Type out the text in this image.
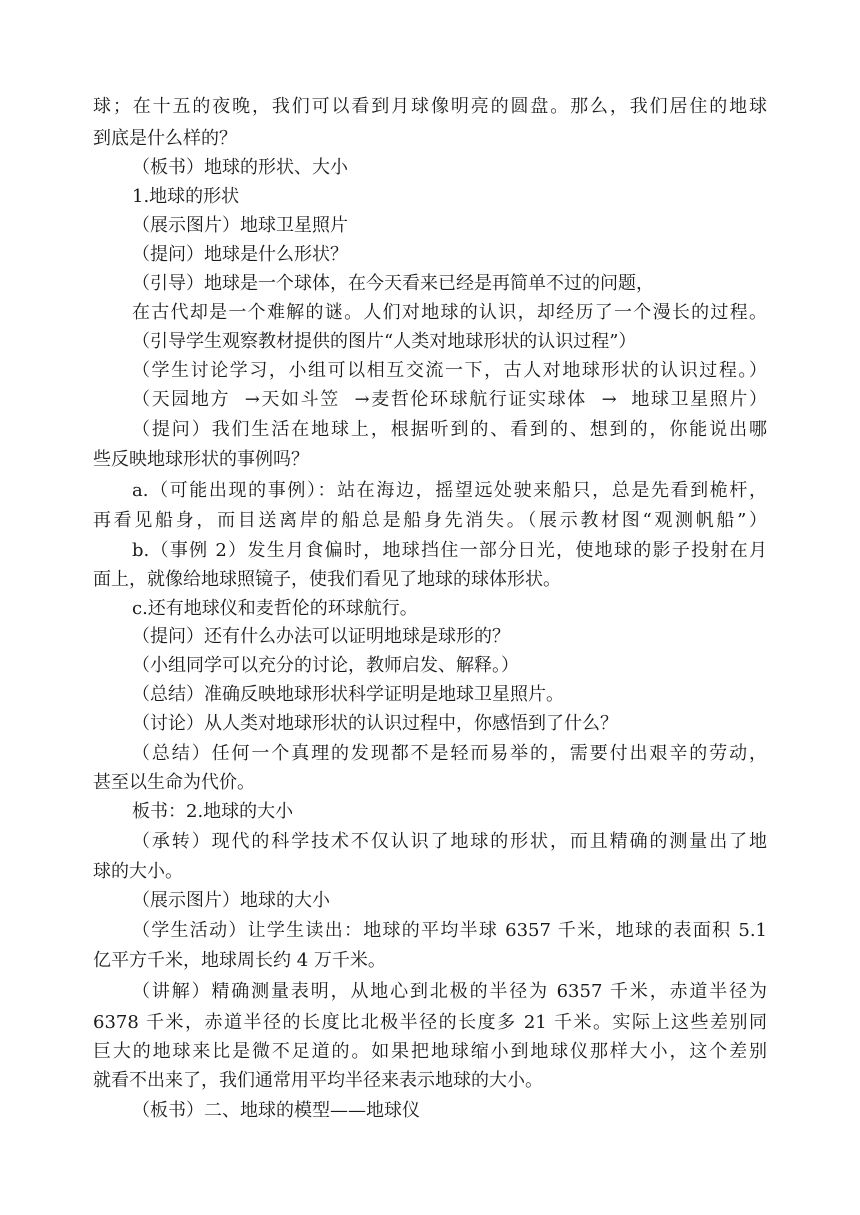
球；在十五的夜晚，我们可以看到月球像明亮的圆盘。那么，我们居住的地球
到底是什么样的？
（板书）地球的形状、大小
1.地球的形状
（展示图片）地球卫星照片
（提问）地球是什么形状？
（引导）地球是一个球体，在今天看来已经是再简单不过的问题，
在古代却是一个难解的谜。人们对地球的认识，却经历了一个漫长的过程。
（引导学生观察教材提供的图片“人类对地球形状的认识过程”）
（学生讨论学习，小组可以相互交流一下，古人对地球形状的认识过程。）
（天园地方  →天如斗笠  →麦哲伦环球航行证实球体  →  地球卫星照片）
（提问）我们生活在地球上，根据听到的、看到的、想到的，你能说出哪
些反映地球形状的事例吗？
a.（可能出现的事例）：站在海边，摇望远处驶来船只，总是先看到桅杆，
再看见船身，而目送离岸的船总是船身先消失。（展示教材图“观测帆船”）
b.（事例 2）发生月食偏时，地球挡住一部分日光，使地球的影子投射在月
面上，就像给地球照镜子，使我们看见了地球的球体形状。
c.还有地球仪和麦哲伦的环球航行。
（提问）还有什么办法可以证明地球是球形的？
（小组同学可以充分的讨论，教师启发、解释。）
（总结）准确反映地球形状科学证明是地球卫星照片。
（讨论）从人类对地球形状的认识过程中，你感悟到了什么？
（总结）任何一个真理的发现都不是轻而易举的，需要付出艰辛的劳动，
甚至以生命为代价。
板书：2.地球的大小
（承转）现代的科学技术不仅认识了地球的形状，而且精确的测量出了地
球的大小。
（展示图片）地球的大小
（学生活动）让学生读出：地球的平均半球 6357 千米，地球的表面积 5.1
亿平方千米，地球周长约 4 万千米。
（讲解）精确测量表明，从地心到北极的半径为 6357 千米，赤道半径为
6378 千米，赤道半径的长度比北极半径的长度多 21 千米。实际上这些差别同
巨大的地球来比是微不足道的。如果把地球缩小到地球仪那样大小，这个差别
就看不出来了，我们通常用平均半径来表示地球的大小。
（板书）二、地球的模型——地球仪
